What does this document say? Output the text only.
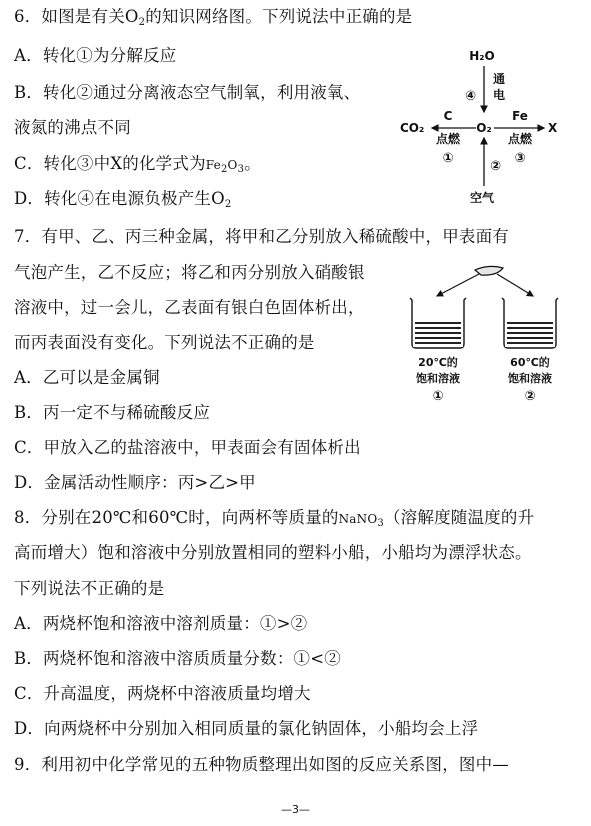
6．如图是有关$O_2$的知识网络图。下列说法中正确的是
A．转化①为分解反应
B．转化②通过分离液态空气制氧，利用液氧、
液氮的沸点不同
C．转化③中X的化学式为$Fe_2O_3$。
D．转化④在电源负极产生$O_2$
H₂O
通
电
④
C
CO₂
点燃
①
O₂
②
空气
Fe
X
点燃
③
7．有甲、乙、丙三种金属，将甲和乙分别放入稀硫酸中，甲表面有
气泡产生，乙不反应；将乙和丙分别放入硝酸银
溶液中，过一会儿，乙表面有银白色固体析出，
而丙表面没有变化。下列说法不正确的是
A．乙可以是金属铜
B．丙一定不与稀硫酸反应
C．甲放入乙的盐溶液中，甲表面会有固体析出
D．金属活动性顺序：丙>乙>甲
20℃的
饱和溶液
①
60℃的
饱和溶液
②
8．分别在20℃和60℃时，向两杯等质量的NaNO$_3$（溶解度随温度的升
高而增大）饱和溶液中分别放置相同的塑料小船，小船均为漂浮状态。
下列说法不正确的是
A．两烧杯饱和溶液中溶剂质量：①>②
B．两烧杯饱和溶液中溶质质量分数：①<②
C．升高温度，两烧杯中溶液质量均增大
D．向两烧杯中分别加入相同质量的氯化钠固体，小船均会上浮
9．利用初中化学常见的五种物质整理出如图的反应关系图，图中—
—3—
